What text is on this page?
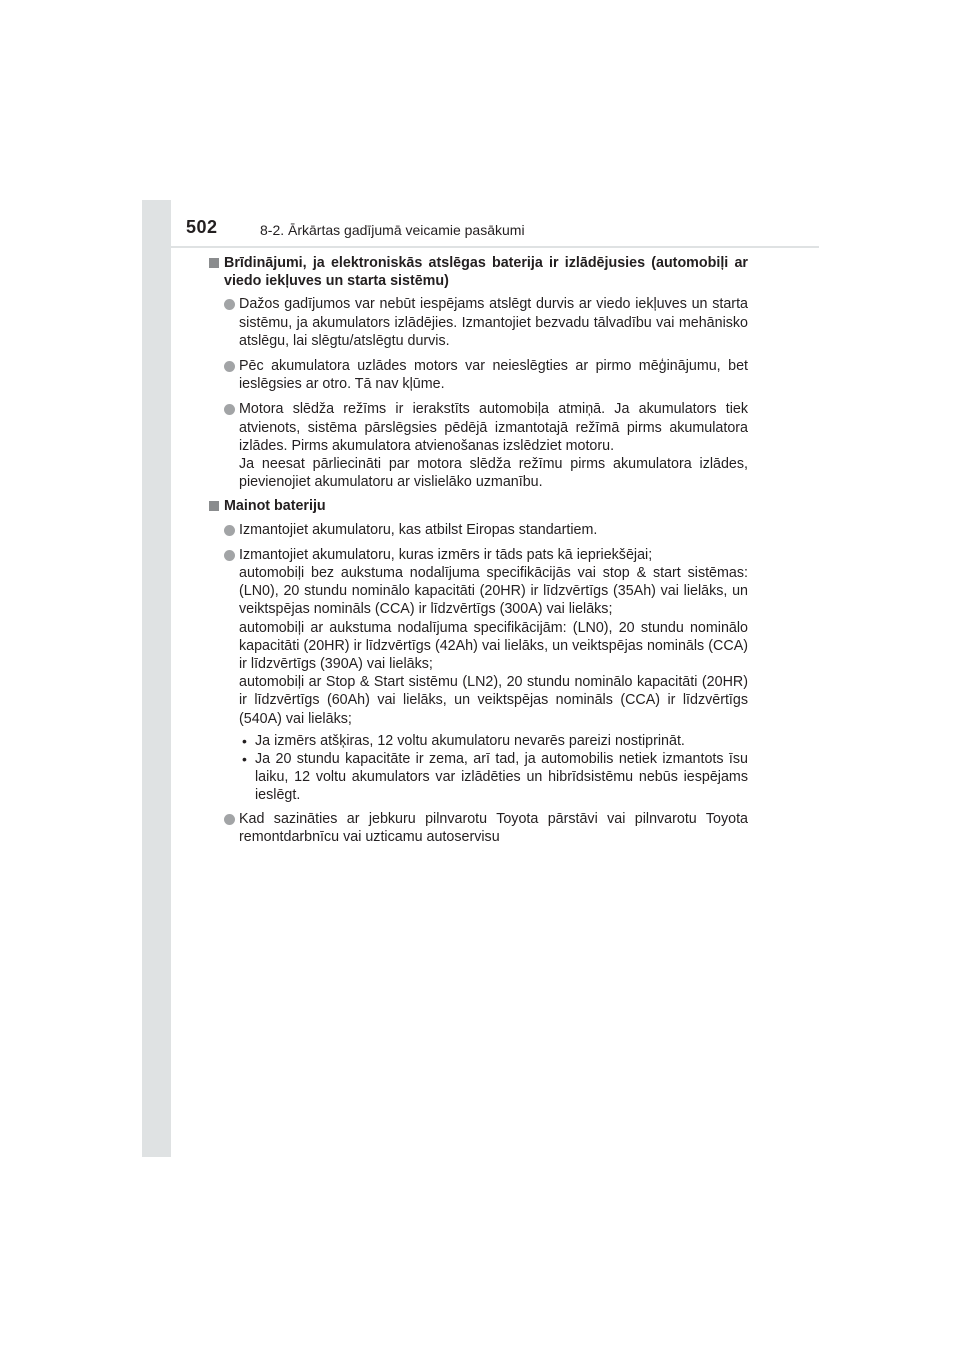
502	8-2. Ārkārtas gadījumā veicamie pasākumi
Brīdinājumi, ja elektroniskās atslēgas baterija ir izlādējusies (automobiļi ar viedo iekļuves un starta sistēmu)
Dažos gadījumos var nebūt iespējams atslēgt durvis ar viedo iekļuves un starta sistēmu, ja akumulators izlādējies. Izmantojiet bezvadu tālvadību vai mehānisko atslēgu, lai slēgtu/atslēgtu durvis.
Pēc akumulatora uzlādes motors var neieslēgties ar pirmo mēģinājumu, bet ieslēgsies ar otro. Tā nav kļūme.
Motora slēdža režīms ir ierakstīts automobiļa atmiņā. Ja akumulators tiek atvienots, sistēma pārslēgsies pēdējā izmantotajā režīmā pirms akumulatora izlādes. Pirms akumulatora atvienošanas izslēdziet motoru.
Ja neesat pārliecināti par motora slēdža režīmu pirms akumulatora izlādes, pievienojiet akumulatoru ar vislielāko uzmanību.
Mainot bateriju
Izmantojiet akumulatoru, kas atbilst Eiropas standartiem.
Izmantojiet akumulatoru, kuras izmērs ir tāds pats kā iepriekšējai;
automobiļi bez aukstuma nodalījuma specifikācijās vai stop & start sistēmas: (LN0), 20 stundu nominālo kapacitāti (20HR) ir līdzvērtīgs (35Ah) vai lielāks, un veiktspējas nomināls (CCA) ir līdzvērtīgs (300A) vai lielāks;
automobiļi ar aukstuma nodalījuma specifikācijām: (LN0), 20 stundu nominālo kapacitāti (20HR) ir līdzvērtīgs (42Ah) vai lielāks, un veiktspējas nomināls (CCA) ir līdzvērtīgs (390A) vai lielāks;
automobiļi ar Stop & Start sistēmu (LN2), 20 stundu nominālo kapacitāti (20HR) ir līdzvērtīgs (60Ah) vai lielāks, un veiktspējas nomināls (CCA) ir līdzvērtīgs (540A) vai lielāks;
• Ja izmērs atšķiras, 12 voltu akumulatoru nevarēs pareizi nostiprināt.
• Ja 20 stundu kapacitāte ir zema, arī tad, ja automobilis netiek izmantots īsu laiku, 12 voltu akumulators var izlādēties un hibrīdsistēmu nebūs iespējams ieslēgt.
Kad sazināties ar jebkuru pilnvarotu Toyota pārstāvi vai pilnvarotu Toyota remontdarbnīcu vai uzticamu autoservisu
